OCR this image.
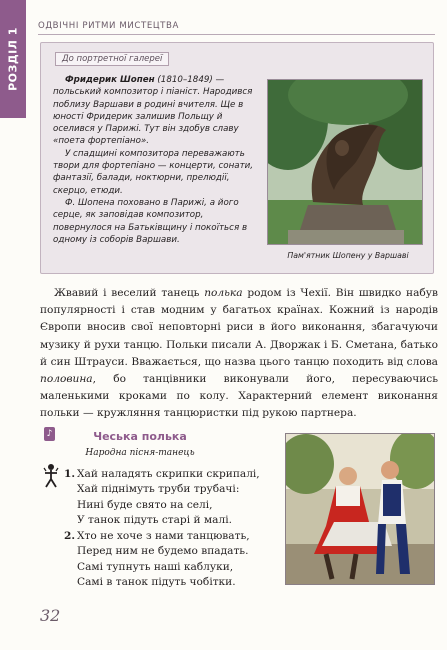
РОЗДІЛ 1
ОДВІЧНІ РИТМИ МИСТЕЦТВА
До портретної галереї

Фридерик Шопен (1810–1849) — польський композитор і піаніст. Народився поблизу Варшави в родині вчителя. Ще в юності Фридерик залишив Польщу й оселився у Парижі. Тут він здобув славу «поета фортепіано».

У спадщині композитора переважають твори для фортепіано — концерти, сонати, фантазії, балади, ноктюрни, прелюдії, скерцо, етюди.

Ф. Шопена поховано в Парижі, а його серце, як заповідав композитор, повернулося на Батьківщину і покоїться в одному із соборів Варшави.

Пам'ятник Шопену у Варшаві

Жвавий і веселий танець полька родом із Чехії. Він швидко набув популярності і став модним у багатьох країнах. Кожний із народів Європи вносив свої неповторні риси в його виконання, збагачуючи музику й рухи танцю. Польки писали А. Дворжак і Б. Сметана, батько й син Штрауси. Вважається, що назва цього танцю походить від слова половина, бо танцівники виконували його, пересуваючись маленькими кроками по колу. Характерний елемент виконання польки — кружляння танцюристки під рукою партнера.

♪	Чеська полька
Народна пісня-танець
1. Хай наладять скрипки скрипалі,
Хай піднімуть труби трубачі:
Нині буде свято на селі,
У танок підуть старі й малі.
2. Хто не хоче з нами танцювать,
Перед ним не будемо впадать.
Самі тупнуть наші каблуки,
Самі в танок підуть чобітки.
32
